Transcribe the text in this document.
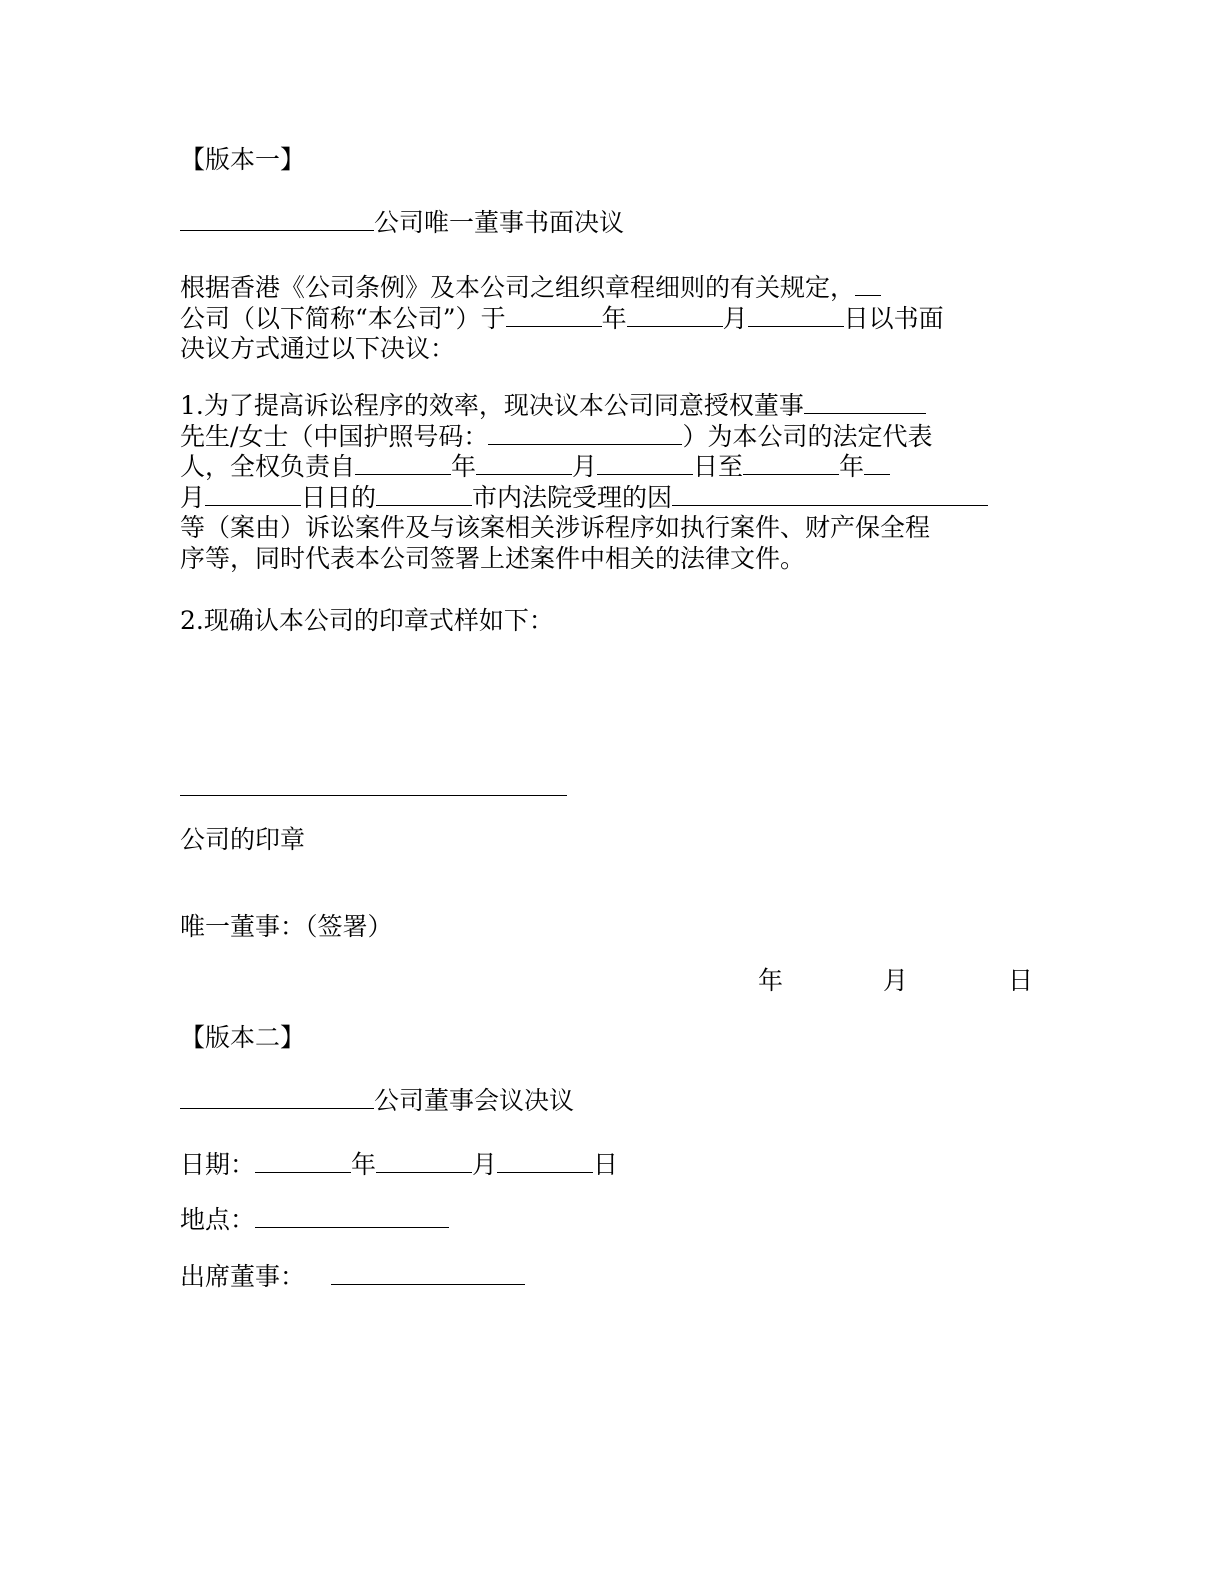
【版本一】
公司唯一董事书面决议
根据香港《公司条例》及本公司之组织章程细则的有关规定，
公司（以下简称“本公司”）于	年	月	日以书面
决议方式通过以下决议：
1.为了提高诉讼程序的效率，现决议本公司同意授权董事
先生/女士（中国护照号码：	）为本公司的法定代表
人，全权负责自	年	月	日至	年
月	日日的	市内法院受理的因
等（案由）诉讼案件及与该案相关涉诉程序如执行案件、财产保全程
序等，同时代表本公司签署上述案件中相关的法律文件。
2.现确认本公司的印章式样如下：
公司的印章
唯一董事：（签署）
年	月	日
【版本二】
公司董事会议决议
日期：	年	月	日
地点：
出席董事：
